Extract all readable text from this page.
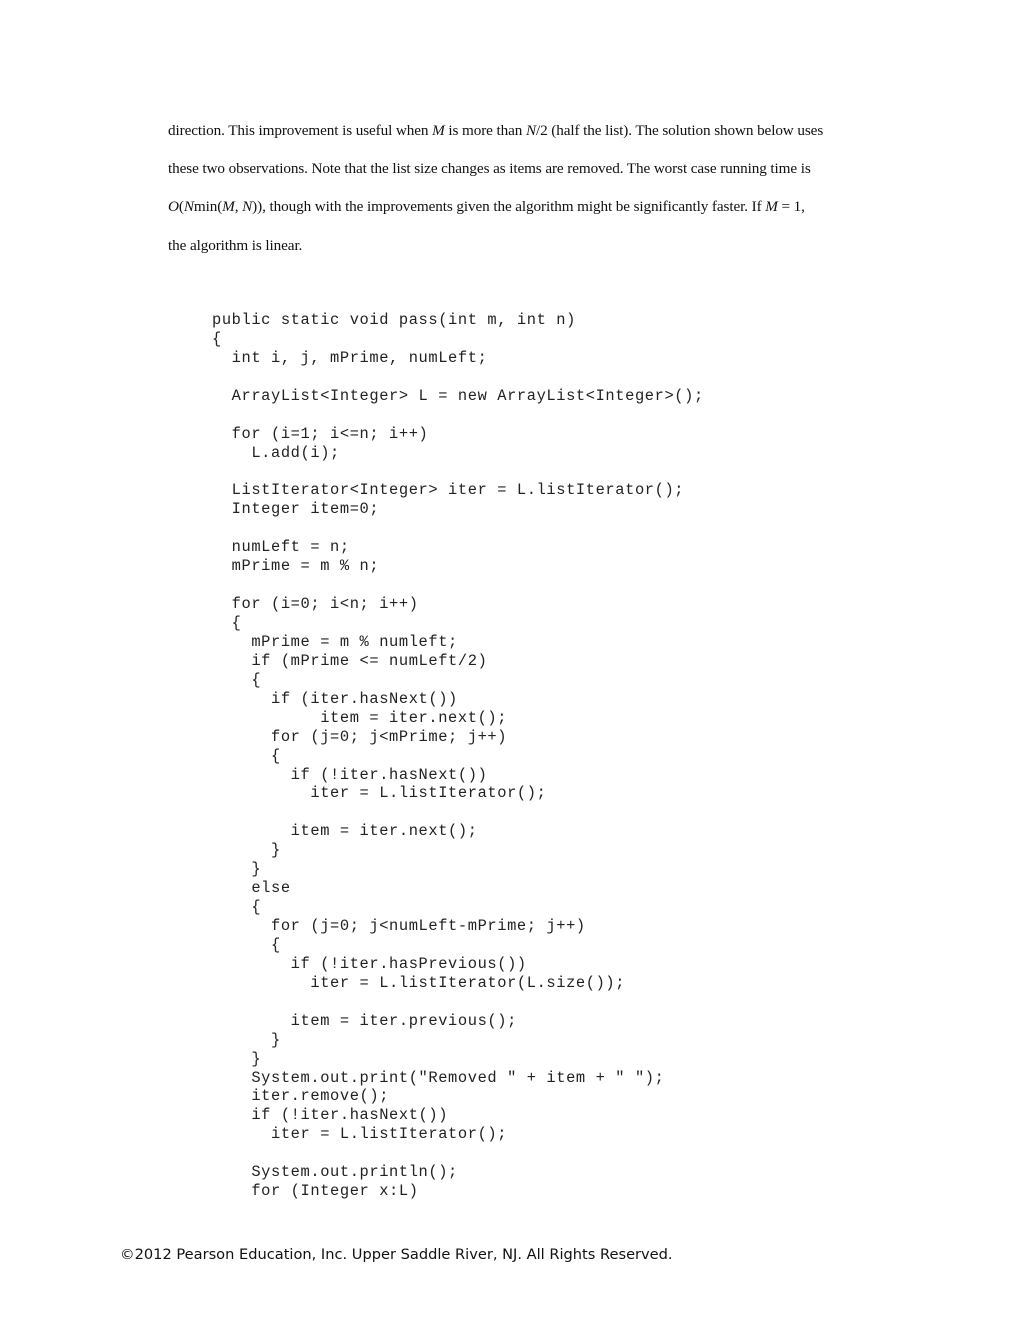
direction. This improvement is useful when M is more than N/2 (half the list). The solution shown below uses
these two observations. Note that the list size changes as items are removed. The worst case running time is
O(Nmin(M, N)), though with the improvements given the algorithm might be significantly faster. If M = 1,
the algorithm is linear.
public static void pass(int m, int n)
{
int i, j, mPrime, numLeft;
ArrayList<Integer> L = new ArrayList<Integer>();
for (i=1; i<=n; i++)
L.add(i);
ListIterator<Integer> iter = L.listIterator();
Integer item=0;
numLeft = n;
mPrime = m % n;
for (i=0; i<n; i++)
{
mPrime = m % numleft;
if (mPrime <= numLeft/2)
{
if (iter.hasNext())
item = iter.next();
for (j=0; j<mPrime; j++)
{
if (!iter.hasNext())
iter = L.listIterator();
item = iter.next();
}
}
else
{
for (j=0; j<numLeft-mPrime; j++)
{
if (!iter.hasPrevious())
iter = L.listIterator(L.size());
item = iter.previous();
}
}
System.out.print("Removed " + item + " ");
iter.remove();
if (!iter.hasNext())
iter = L.listIterator();
System.out.println();
for (Integer x:L)
©2012 Pearson Education, Inc. Upper Saddle River, NJ. All Rights Reserved.
